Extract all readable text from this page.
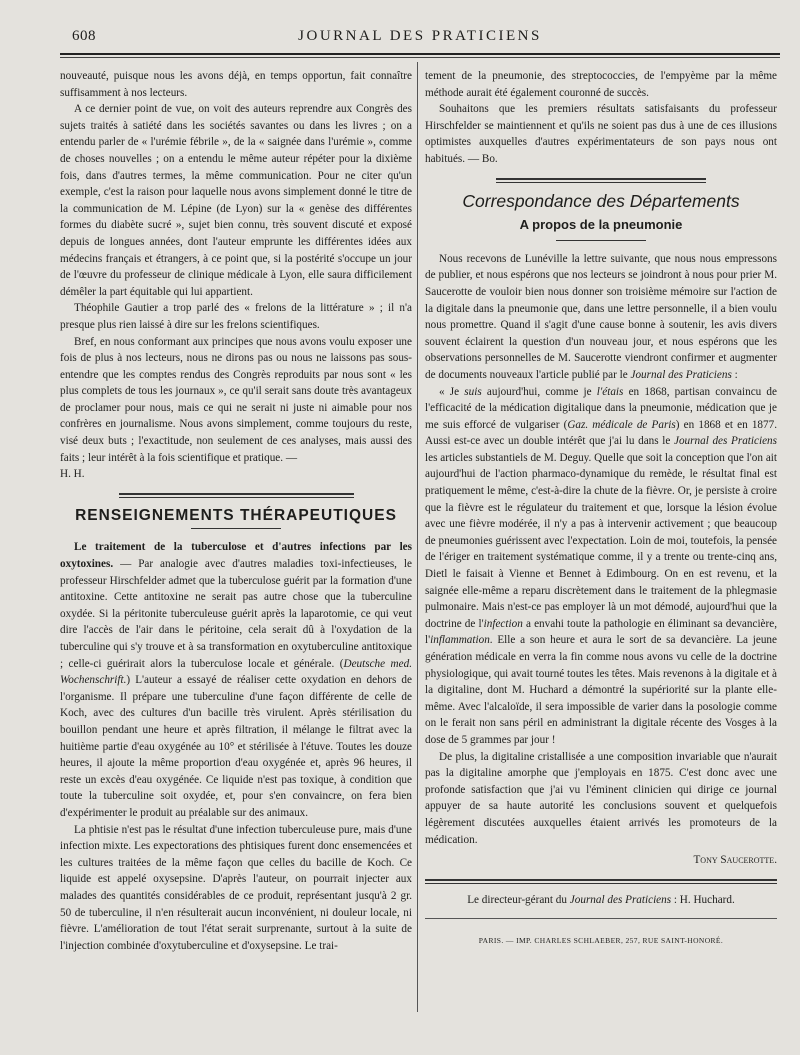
608	JOURNAL DES PRATICIENS

nouveauté, puisque nous les avons déjà, en temps opportun, fait connaître suffisamment à nos lecteurs.

A ce dernier point de vue, on voit des auteurs reprendre aux Congrès des sujets traités à satiété dans les sociétés savantes ou dans les livres ; on a entendu parler de « l'urémie fébrile », de la « saignée dans l'urémie », comme de choses nouvelles ; on a entendu le même auteur répéter pour la dixième fois, dans d'autres termes, la même communication. Pour ne citer qu'un exemple, c'est la raison pour laquelle nous avons simplement donné le titre de la communication de M. Lépine (de Lyon) sur la « genèse des différentes formes du diabète sucré », sujet bien connu, très souvent discuté et exposé depuis de longues années, dont l'auteur emprunte les différentes idées aux médecins français et étrangers, à ce point que, si la postérité s'occupe un jour de l'œuvre du professeur de clinique médicale à Lyon, elle saura difficilement démêler la part équitable qui lui appartient.

Théophile Gautier a trop parlé des « frelons de la littérature » ; il n'a presque plus rien laissé à dire sur les frelons scientifiques.

Bref, en nous conformant aux principes que nous avons voulu exposer une fois de plus à nos lecteurs, nous ne dirons pas ou nous ne laissons pas sous-entendre que les comptes rendus des Congrès reproduits par nous sont « les plus complets de tous les journaux », ce qu'il serait sans doute très avantageux de proclamer pour nous, mais ce qui ne serait ni juste ni aimable pour nos confrères en journalisme. Nous avons simplement, comme toujours du reste, visé deux buts ; l'exactitude, non seulement de ces analyses, mais aussi des faits ; leur intérêt à la fois scientifique et pratique. —

H. H.

RENSEIGNEMENTS THÉRAPEUTIQUES

Le traitement de la tuberculose et d'autres infections par les oxytoxines. — Par analogie avec d'autres maladies toxi-infectieuses, le professeur Hirschfelder admet que la tuberculose guérit par la formation d'une antitoxine. Cette antitoxine ne serait pas autre chose que la tuberculine oxydée. Si la péritonite tuberculeuse guérit après la laparotomie, ce qui veut dire l'accès de l'air dans le péritoine, cela serait dû à l'oxydation de la tuberculine qui s'y trouve et à sa transformation en oxytuberculine antitoxique ; celle-ci guérirait alors la tuberculose locale et générale. (Deutsche med. Wochenschrift.) L'auteur a essayé de réaliser cette oxydation en dehors de l'organisme. Il prépare une tuberculine d'une façon différente de celle de Koch, avec des cultures d'un bacille très virulent. Après stérilisation du bouillon pendant une heure et après filtration, il mélange le filtrat avec la huitième partie d'eau oxygénée au 10° et stérilisée à l'étuve. Toutes les douze heures, il ajoute la même proportion d'eau oxygénée et, après 96 heures, il reste un excès d'eau oxygénée. Ce liquide n'est pas toxique, à condition que toute la tuberculine soit oxydée, et, pour s'en convaincre, on fera bien d'expérimenter le produit au préalable sur des animaux.

La phtisie n'est pas le résultat d'une infection tuberculeuse pure, mais d'une infection mixte. Les expectorations des phtisiques furent donc ensemencées et les cultures traitées de la même façon que celles du bacille de Koch. Ce liquide est appelé oxysepsine. D'après l'auteur, on pourrait injecter aux malades des quantités considérables de ce produit, représentant jusqu'à 2 gr. 50 de tuberculine, il n'en résulterait aucun inconvénient, ni douleur locale, ni fièvre. L'amélioration de tout l'état serait surprenante, surtout à la suite de l'injection combinée d'oxytuberculine et d'oxysepsine. Le trai-

tement de la pneumonie, des streptococcies, de l'empyème par la même méthode aurait été également couronné de succès.

Souhaitons que les premiers résultats satisfaisants du professeur Hirschfelder se maintiennent et qu'ils ne soient pas dus à une de ces illusions optimistes auxquelles d'autres expérimentateurs de son pays nous ont habitués. — Bo.

Correspondance des Départements
A propos de la pneumonie

Nous recevons de Lunéville la lettre suivante, que nous nous empressons de publier, et nous espérons que nos lecteurs se joindront à nous pour prier M. Saucerotte de vouloir bien nous donner son troisième mémoire sur l'action de la digitale dans la pneumonie que, dans une lettre personnelle, il a bien voulu nous promettre. Quand il s'agit d'une cause bonne à soutenir, les avis divers souvent éclairent la question d'un nouveau jour, et nous espérons que les observations personnelles de M. Saucerotte viendront confirmer et augmenter de documents nouveaux l'article publié par le Journal des Praticiens :

« Je suis aujourd'hui, comme je l'étais en 1868, partisan convaincu de l'efficacité de la médication digitalique dans la pneumonie, médication que je me suis efforcé de vulgariser (Gaz. médicale de Paris) en 1868 et en 1877. Aussi est-ce avec un double intérêt que j'ai lu dans le Journal des Praticiens les articles substantiels de M. Deguy. Quelle que soit la conception que l'on ait aujourd'hui de l'action pharmaco-dynamique du remède, le résultat final est pratiquement le même, c'est-à-dire la chute de la fièvre. Or, je persiste à croire que la fièvre est le régulateur du traitement et que, lorsque la lésion évolue avec une fièvre modérée, il n'y a pas à intervenir activement ; que beaucoup de pneumonies guérissent avec l'expectation. Loin de moi, toutefois, la pensée de l'ériger en traitement systématique comme, il y a trente ou trente-cinq ans, Dietl le faisait à Vienne et Bennet à Edimbourg. On en est revenu, et la saignée elle-même a reparu discrètement dans le traitement de la phlegmasie pulmonaire. Mais n'est-ce pas employer là un mot démodé, aujourd'hui que la doctrine de l'infection a envahi toute la pathologie en éliminant sa devancière, l'inflammation. Elle a son heure et aura le sort de sa devancière. La jeune génération médicale en verra la fin comme nous avons vu celle de la doctrine physiologique, qui avait tourné toutes les têtes. Mais revenons à la digitale et à la digitaline, dont M. Huchard a démontré la supériorité sur la plante elle-même. Avec l'alcaloïde, il sera impossible de varier dans la posologie comme on le ferait non sans péril en administrant la digitale récente des Vosges à la dose de 5 grammes par jour !

De plus, la digitaline cristallisée a une composition invariable que n'aurait pas la digitaline amorphe que j'employais en 1875. C'est donc avec une profonde satisfaction que j'ai vu l'éminent clinicien qui dirige ce journal appuyer de sa haute autorité les conclusions souvent et quelquefois légèrement discutées auxquelles étaient arrivés les promoteurs de la médication.

Tony Saucerotte.

Le directeur-gérant du Journal des Praticiens : H. Huchard.
PARIS. — IMP. CHARLES SCHLAEBER, 257, RUE SAINT-HONORÉ.
